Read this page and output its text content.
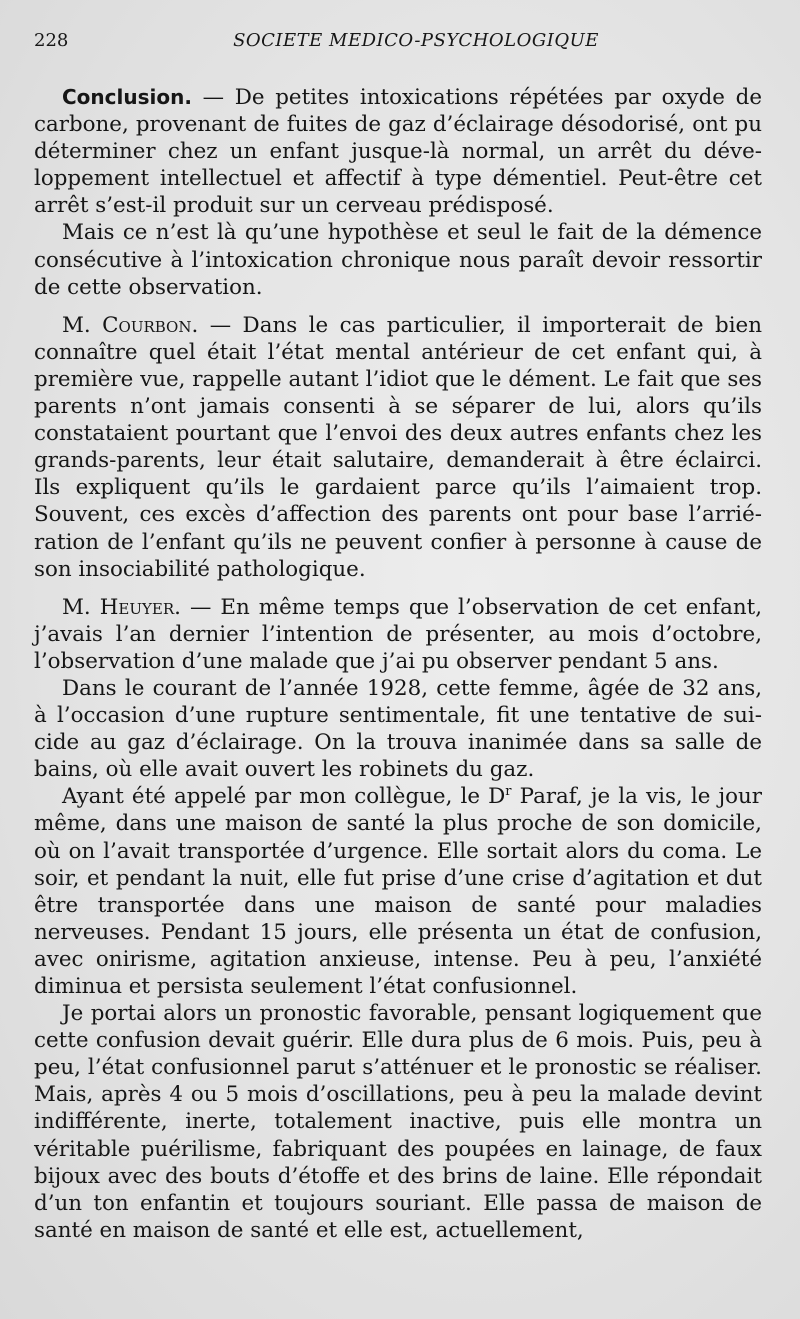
228	SOCIETE MEDICO-PSYCHOLOGIQUE

Conclusion. — De petites intoxications répétées par oxyde de carbone, provenant de fuites de gaz d’éclairage désodorisé, ont pu déterminer chez un enfant jusque-là normal, un arrêt du développement intellectuel et affectif à type démentiel. Peut-être cet arrêt s’est-il produit sur un cerveau prédisposé.

Mais ce n’est là qu’une hypothèse et seul le fait de la démence consécutive à l’intoxication chronique nous paraît devoir ressortir de cette observation.

M. Courbon. — Dans le cas particulier, il importerait de bien connaître quel était l’état mental antérieur de cet enfant qui, à première vue, rappelle autant l’idiot que le dément. Le fait que ses parents n’ont jamais consenti à se séparer de lui, alors qu’ils constataient pourtant que l’envoi des deux autres enfants chez les grands-parents, leur était salutaire, demanderait à être éclairci. Ils expliquent qu’ils le gardaient parce qu’ils l’aimaient trop. Souvent, ces excès d’affection des parents ont pour base l’arriération de l’enfant qu’ils ne peuvent confier à personne à cause de son insociabilité pathologique.

M. Heuyer. — En même temps que l’observation de cet enfant, j’avais l’an dernier l’intention de présenter, au mois d’octobre, l’observation d’une malade que j’ai pu observer pendant 5 ans.

Dans le courant de l’année 1928, cette femme, âgée de 32 ans, à l’occasion d’une rupture sentimentale, fit une tentative de suicide au gaz d’éclairage. On la trouva inanimée dans sa salle de bains, où elle avait ouvert les robinets du gaz.

Ayant été appelé par mon collègue, le $D^r$ Paraf, je la vis, le jour même, dans une maison de santé la plus proche de son domicile, où on l’avait transportée d’urgence. Elle sortait alors du coma. Le soir, et pendant la nuit, elle fut prise d’une crise d’agitation et dut être transportée dans une maison de santé pour maladies nerveuses. Pendant 15 jours, elle présenta un état de confusion, avec onirisme, agitation anxieuse, intense. Peu à peu, l’anxiété diminua et persista seulement l’état confusionnel.

Je portai alors un pronostic favorable, pensant logiquement que cette confusion devait guérir. Elle dura plus de 6 mois. Puis, peu à peu, l’état confusionnel parut s’atténuer et le pronostic se réaliser. Mais, après 4 ou 5 mois d’oscillations, peu à peu la malade devint indifférente, inerte, totalement inactive, puis elle montra un véritable puérilisme, fabriquant des poupées en lainage, de faux bijoux avec des bouts d’étoffe et des brins de laine. Elle répondait d’un ton enfantin et toujours souriant. Elle passa de maison de santé en maison de santé et elle est, actuellement,
